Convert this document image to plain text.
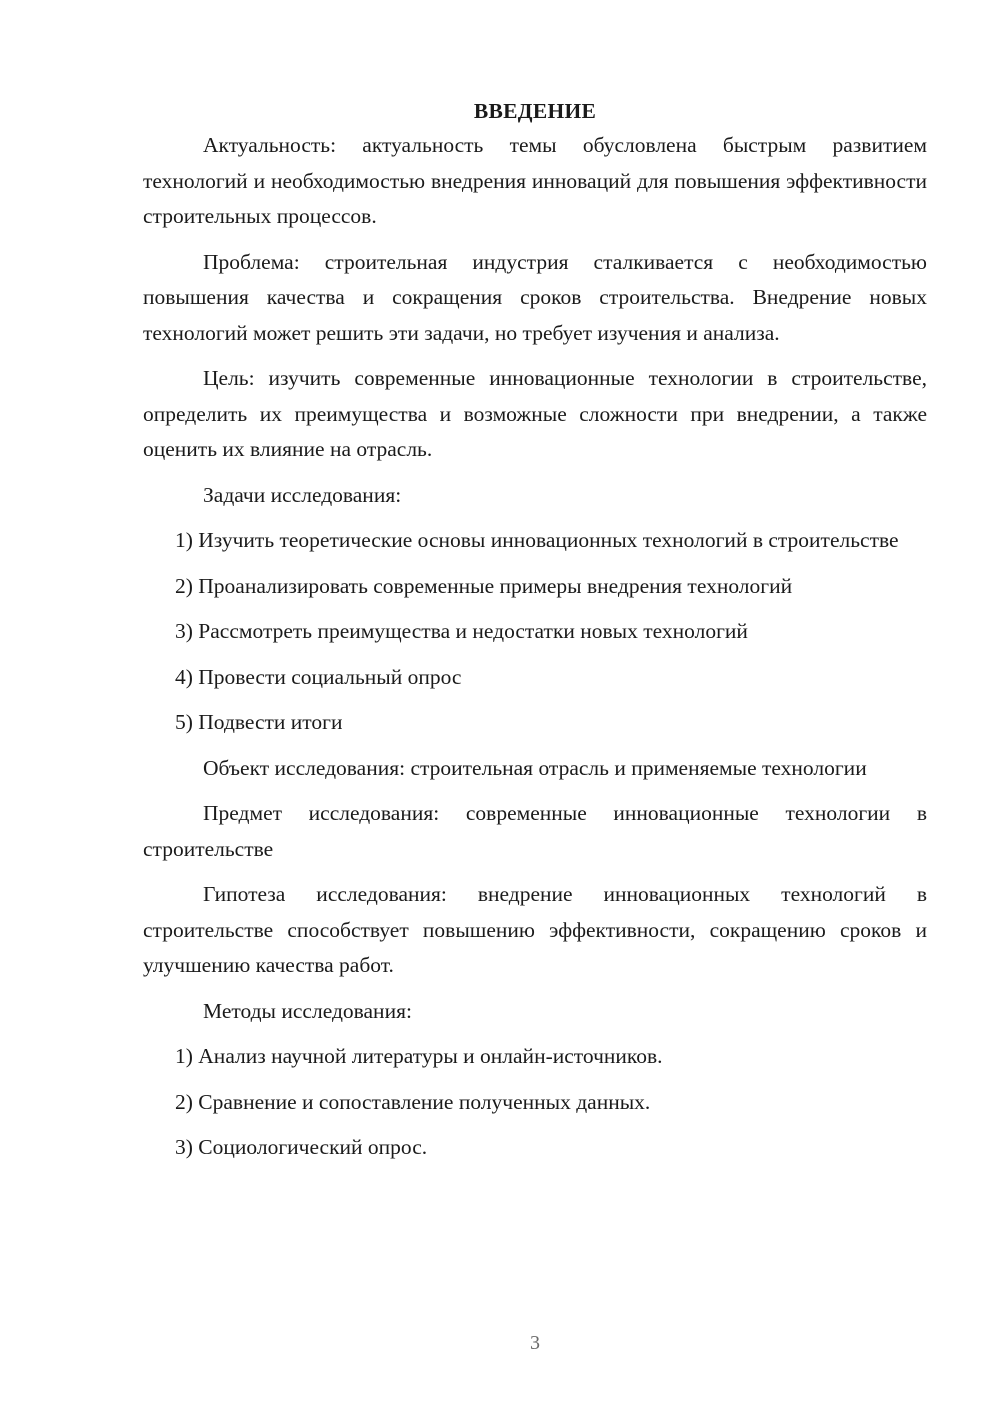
ВВЕДЕНИЕ

Актуальность: актуальность темы обусловлена быстрым развитием технологий и необходимостью внедрения инноваций для повышения эффективности строительных процессов.

Проблема: строительная индустрия сталкивается с необходимостью повышения качества и сокращения сроков строительства. Внедрение новых технологий может решить эти задачи, но требует изучения и анализа.

Цель: изучить современные инновационные технологии в строительстве, определить их преимущества и возможные сложности при внедрении, а также оценить их влияние на отрасль.

Задачи исследования:

1) Изучить теоретические основы инновационных технологий в строительстве

2) Проанализировать современные примеры внедрения технологий

3) Рассмотреть преимущества и недостатки новых технологий

4) Провести социальный опрос

5) Подвести итоги

Объект исследования: строительная отрасль и применяемые технологии

Предмет исследования: современные инновационные технологии в строительстве

Гипотеза исследования: внедрение инновационных технологий в строительстве способствует повышению эффективности, сокращению сроков и улучшению качества работ.

Методы исследования:

1) Анализ научной литературы и онлайн-источников.

2) Сравнение и сопоставление полученных данных.

3) Социологический опрос.

3
